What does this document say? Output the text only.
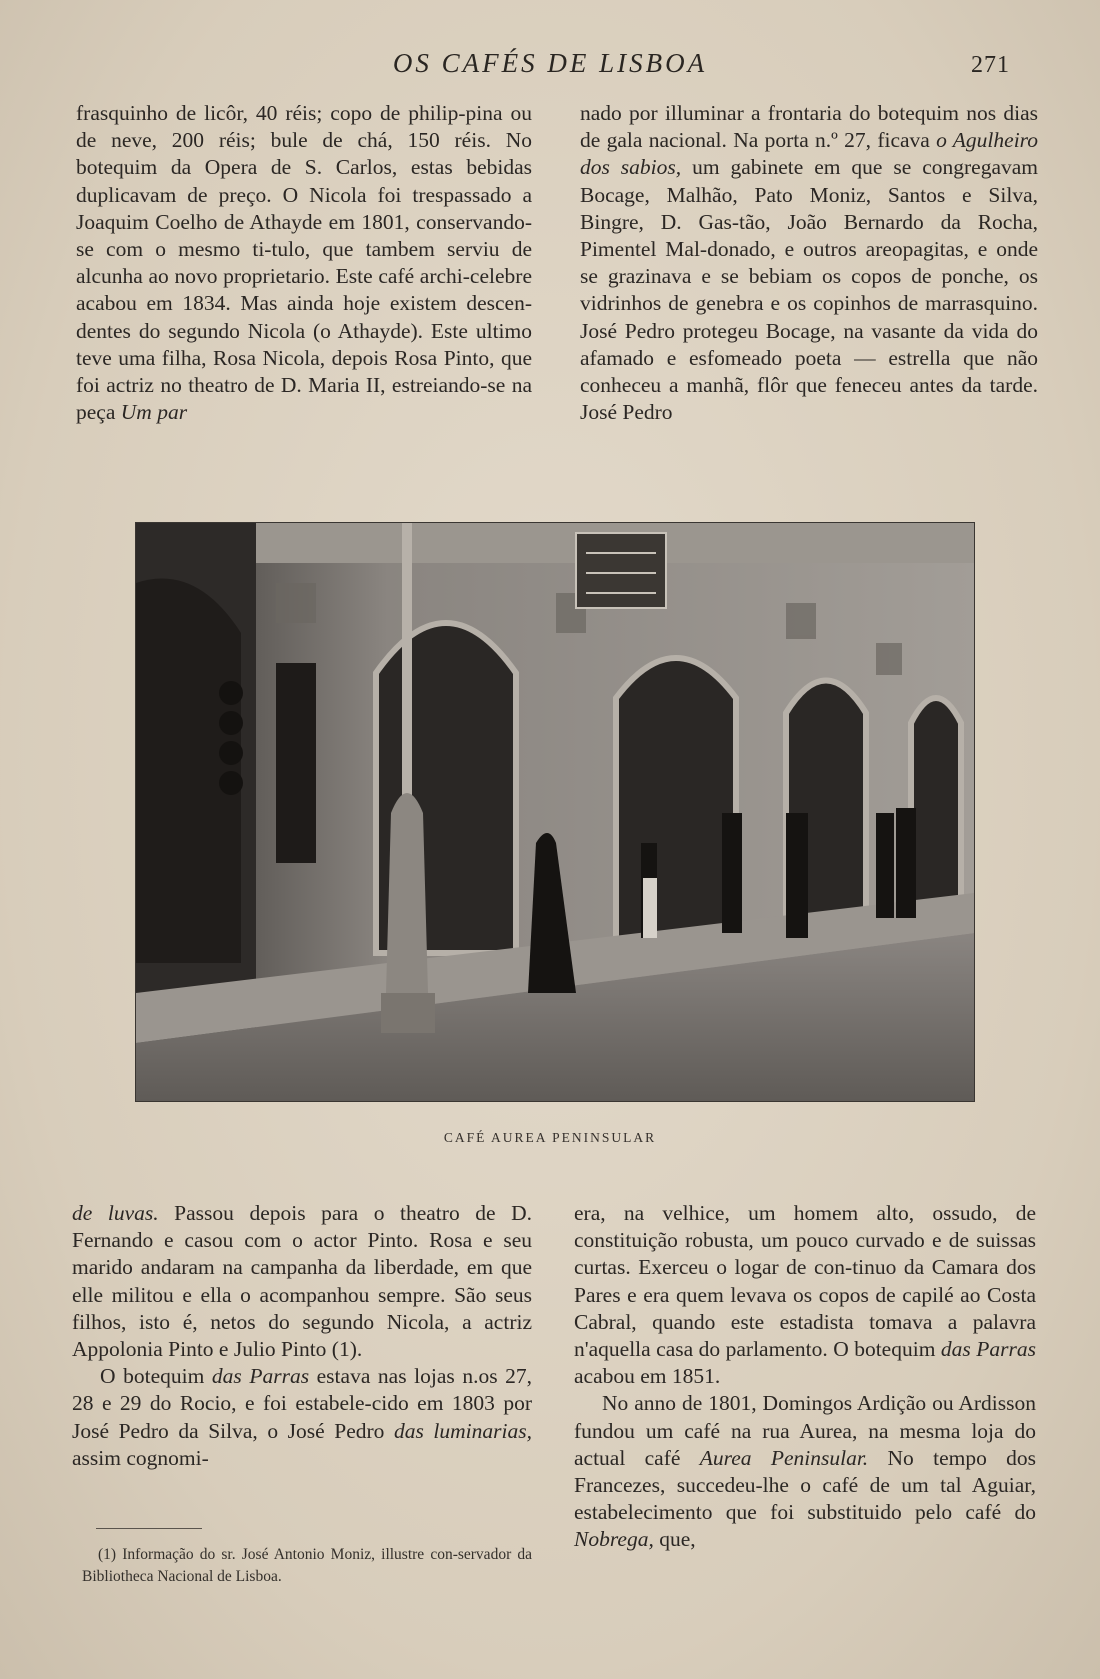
OS CAFÉS DE LISBOA	271

frasquinho de licôr, 40 réis; copo de philip-pina ou de neve, 200 réis; bule de chá, 150 réis. No botequim da Opera de S. Carlos, estas bebidas duplicavam de preço. O Nicola foi trespassado a Joaquim Coelho de Athayde em 1801, conservando-se com o mesmo ti-tulo, que tambem serviu de alcunha ao novo proprietario. Este café archi-celebre acabou em 1834. Mas ainda hoje existem descen-dentes do segundo Nicola (o Athayde). Este ultimo teve uma filha, Rosa Nicola, depois Rosa Pinto, que foi actriz no theatro de D. Maria II, estreiando-se na peça Um par

nado por illuminar a frontaria do botequim nos dias de gala nacional. Na porta n.º 27, ficava o Agulheiro dos sabios, um gabinete em que se congregavam Bocage, Malhão, Pato Moniz, Santos e Silva, Bingre, D. Gas-tão, João Bernardo da Rocha, Pimentel Mal-donado, e outros areopagitas, e onde se grazinava e se bebiam os copos de ponche, os vidrinhos de genebra e os copinhos de marrasquino. José Pedro protegeu Bocage, na vasante da vida do afamado e esfomeado poeta — estrella que não conheceu a manhã, flôr que feneceu antes da tarde. José Pedro

CAFÉ AUREA PENINSULAR

de luvas. Passou depois para o theatro de D. Fernando e casou com o actor Pinto. Rosa e seu marido andaram na campanha da liberdade, em que elle militou e ella o acompanhou sempre. São seus filhos, isto é, netos do segundo Nicola, a actriz Appolonia Pinto e Julio Pinto (1).

O botequim das Parras estava nas lojas n.os 27, 28 e 29 do Rocio, e foi estabele-cido em 1803 por José Pedro da Silva, o José Pedro das luminarias, assim cognomi-

era, na velhice, um homem alto, ossudo, de constituição robusta, um pouco curvado e de suissas curtas. Exerceu o logar de con-tinuo da Camara dos Pares e era quem levava os copos de capilé ao Costa Cabral, quando este estadista tomava a palavra n'aquella casa do parlamento. O botequim das Parras acabou em 1851.

No anno de 1801, Domingos Ardição ou Ardisson fundou um café na rua Aurea, na mesma loja do actual café Aurea Peninsular. No tempo dos Francezes, succedeu-lhe o café de um tal Aguiar, estabelecimento que foi substituido pelo café do Nobrega, que,

(1) Informação do sr. José Antonio Moniz, illustre con-servador da Bibliotheca Nacional de Lisboa.
